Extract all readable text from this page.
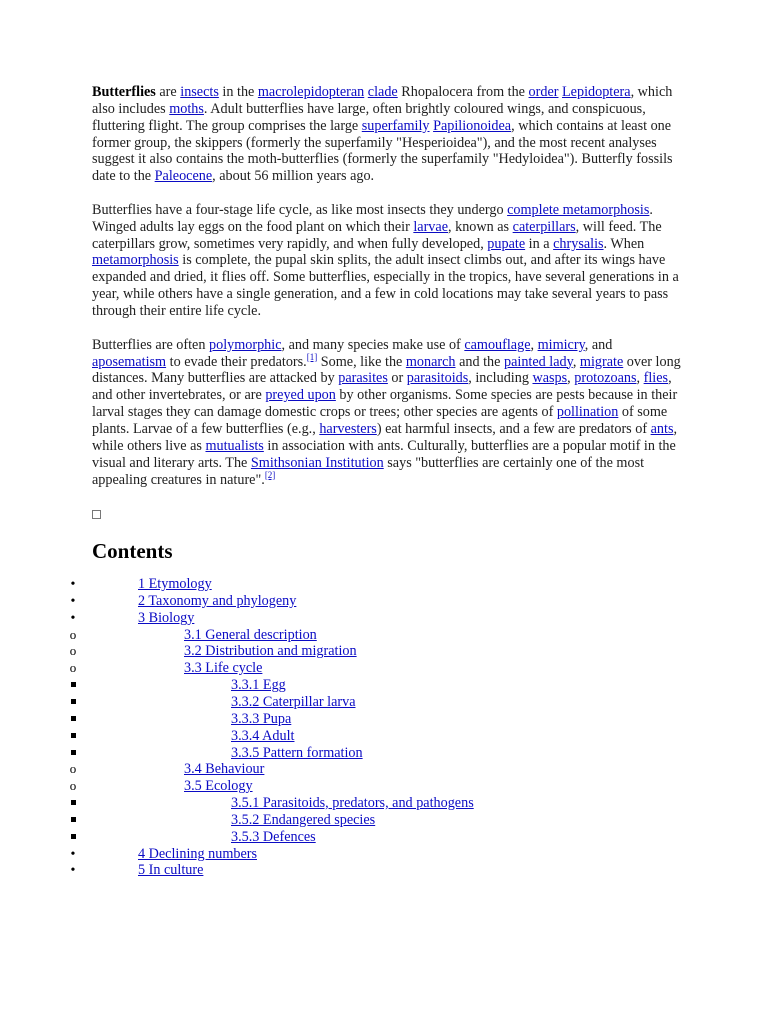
Butterflies are insects in the macrolepidopteran clade Rhopalocera from the order Lepidoptera, which also includes moths. Adult butterflies have large, often brightly coloured wings, and conspicuous, fluttering flight. The group comprises the large superfamily Papilionoidea, which contains at least one former group, the skippers (formerly the superfamily "Hesperioidea"), and the most recent analyses suggest it also contains the moth-butterflies (formerly the superfamily "Hedyloidea"). Butterfly fossils date to the Paleocene, about 56 million years ago.

Butterflies have a four-stage life cycle, as like most insects they undergo complete metamorphosis. Winged adults lay eggs on the food plant on which their larvae, known as caterpillars, will feed. The caterpillars grow, sometimes very rapidly, and when fully developed, pupate in a chrysalis. When metamorphosis is complete, the pupal skin splits, the adult insect climbs out, and after its wings have expanded and dried, it flies off. Some butterflies, especially in the tropics, have several generations in a year, while others have a single generation, and a few in cold locations may take several years to pass through their entire life cycle.

Butterflies are often polymorphic, and many species make use of camouflage, mimicry, and aposematism to evade their predators.[1] Some, like the monarch and the painted lady, migrate over long distances. Many butterflies are attacked by parasites or parasitoids, including wasps, protozoans, flies, and other invertebrates, or are preyed upon by other organisms. Some species are pests because in their larval stages they can damage domestic crops or trees; other species are agents of pollination of some plants. Larvae of a few butterflies (e.g., harvesters) eat harmful insects, and a few are predators of ants, while others live as mutualists in association with ants. Culturally, butterflies are a popular motif in the visual and literary arts. The Smithsonian Institution says "butterflies are certainly one of the most appealing creatures in nature".[2]

Contents
•
1 Etymology
•
2 Taxonomy and phylogeny
•
3 Biology
o
3.1 General description
o
3.2 Distribution and migration
o
3.3 Life cycle
3.3.1 Egg
3.3.2 Caterpillar larva
3.3.3 Pupa
3.3.4 Adult
3.3.5 Pattern formation
o
3.4 Behaviour
o
3.5 Ecology
3.5.1 Parasitoids, predators, and pathogens
3.5.2 Endangered species
3.5.3 Defences
•
4 Declining numbers
•
5 In culture
